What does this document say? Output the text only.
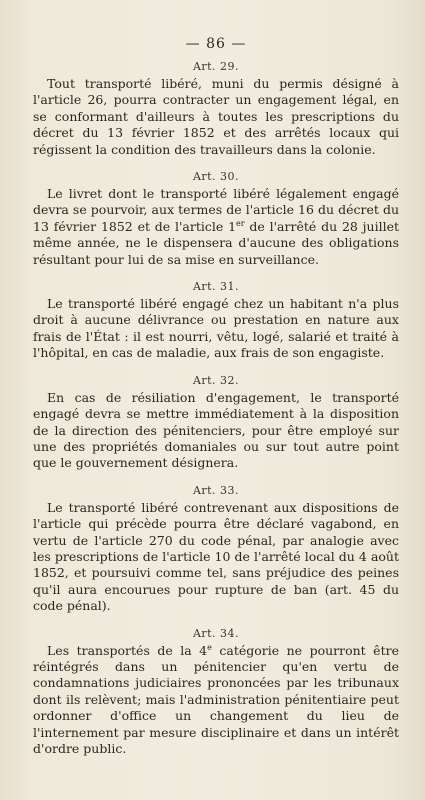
— 86 —
Art. 29.

Tout transporté libéré, muni du permis désigné à l'article 26, pourra contracter un engagement légal, en se conformant d'ailleurs à toutes les prescriptions du décret du 13 février 1852 et des arrêtés locaux qui régissent la condition des travailleurs dans la colonie.

Art. 30.

Le livret dont le transporté libéré légalement engagé devra se pourvoir, aux termes de l'article 16 du décret du 13 février 1852 et de l'article 1er de l'arrêté du 28 juillet même année, ne le dispensera d'aucune des obligations résultant pour lui de sa mise en surveillance.

Art. 31.

Le transporté libéré engagé chez un habitant n'a plus droit à aucune délivrance ou prestation en nature aux frais de l'État : il est nourri, vêtu, logé, salarié et traité à l'hôpital, en cas de maladie, aux frais de son engagiste.

Art. 32.

En cas de résiliation d'engagement, le transporté engagé devra se mettre immédiatement à la disposition de la direction des pénitenciers, pour être employé sur une des propriétés domaniales ou sur tout autre point que le gouvernement désignera.

Art. 33.

Le transporté libéré contrevenant aux dispositions de l'article qui précède pourra être déclaré vagabond, en vertu de l'article 270 du code pénal, par analogie avec les prescriptions de l'article 10 de l'arrêté local du 4 août 1852, et poursuivi comme tel, sans préjudice des peines qu'il aura encourues pour rupture de ban (art. 45 du code pénal).

Art. 34.

Les transportés de la 4e catégorie ne pourront être réintégrés dans un pénitencier qu'en vertu de condamnations judiciaires prononcées par les tribunaux dont ils relèvent; mais l'administration pénitentiaire peut ordonner d'office un changement du lieu de l'internement par mesure disciplinaire et dans un intérêt d'ordre public.
